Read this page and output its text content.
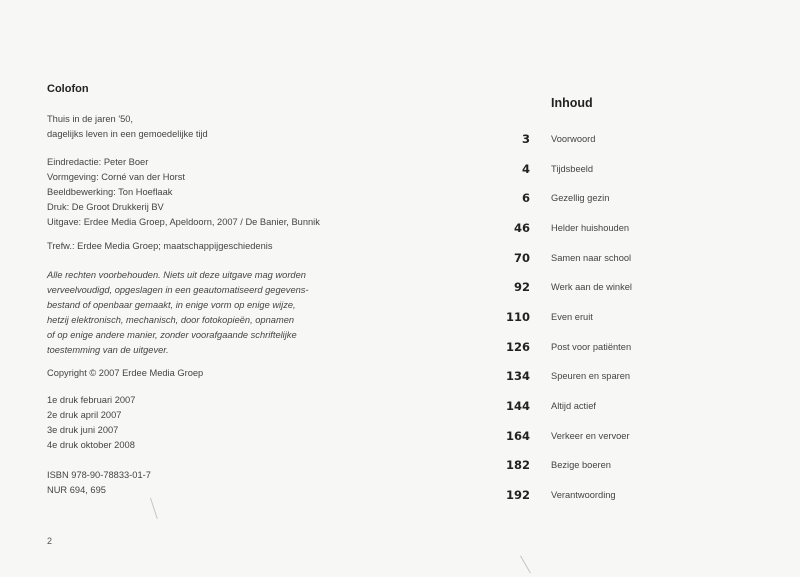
Colofon
Thuis in de jaren '50,
dagelijks leven in een gemoedelijke tijd
Eindredactie: Peter Boer
Vormgeving: Corné van der Horst
Beeldbewerking: Ton Hoeflaak
Druk: De Groot Drukkerij BV
Uitgave: Erdee Media Groep, Apeldoorn, 2007 / De Banier, Bunnik
Trefw.: Erdee Media Groep; maatschappijgeschiedenis
Alle rechten voorbehouden. Niets uit deze uitgave mag worden
verveelvoudigd, opgeslagen in een geautomatiseerd gegevens-
bestand of openbaar gemaakt, in enige vorm op enige wijze,
hetzij elektronisch, mechanisch, door fotokopieën, opnamen
of op enige andere manier, zonder voorafgaande schriftelijke
toestemming van de uitgever.
Copyright © 2007 Erdee Media Groep
1e druk februari 2007
2e druk april 2007
3e druk juni 2007
4e druk oktober 2008
ISBN 978-90-78833-01-7
NUR 694, 695
2
Inhoud
3 Voorwoord
4 Tijdsbeeld
6 Gezellig gezin
46 Helder huishouden
70 Samen naar school
92 Werk aan de winkel
110 Even eruit
126 Post voor patiënten
134 Speuren en sparen
144 Altijd actief
164 Verkeer en vervoer
182 Bezige boeren
192 Verantwoording
